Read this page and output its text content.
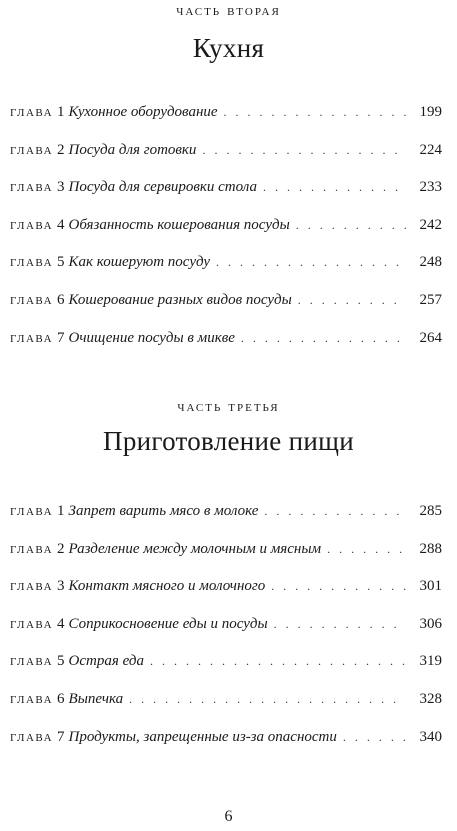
часть вторая
Кухня
глава 1 Кухонное оборудование . . .	199
глава 2 Посуда для готовки . . .	224
глава 3 Посуда для сервировки стола . . .	233
глава 4 Обязанность кошерования посуды . . .	242
глава 5 Как кошеруют посуду . . .	248
глава 6 Кошерование разных видов посуды . . .	257
глава 7 Очищение посуды в микве . . .	264
часть третья
Приготовление пищи
глава 1 Запрет варить мясо в молоке . . .	285
глава 2 Разделение между молочным и мясным . . .	288
глава 3 Контакт мясного и молочного . . .	301
глава 4 Соприкосновение еды и посуды . . .	306
глава 5 Острая еда . . .	319
глава 6 Выпечка . . .	328
глава 7 Продукты, запрещенные из-за опасности . . .	340
6
